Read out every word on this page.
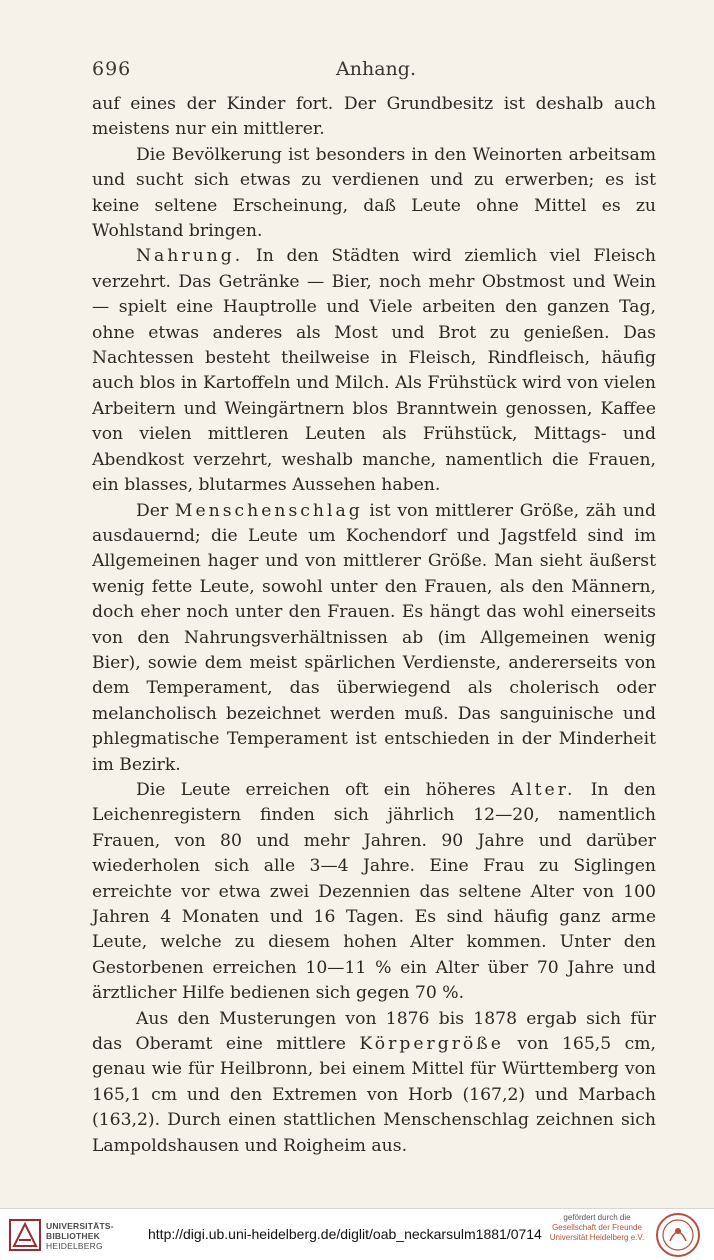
696	Anhang.

auf eines der Kinder fort. Der Grundbesitz ist deshalb auch meistens nur ein mittlerer.

Die Bevölkerung ist besonders in den Weinorten arbeitsam und sucht sich etwas zu verdienen und zu erwerben; es ist keine seltene Erscheinung, daß Leute ohne Mittel es zu Wohlstand bringen.

Nahrung. In den Städten wird ziemlich viel Fleisch verzehrt. Das Getränke — Bier, noch mehr Obstmost und Wein — spielt eine Hauptrolle und Viele arbeiten den ganzen Tag, ohne etwas anderes als Most und Brot zu genießen. Das Nachtessen besteht theilweise in Fleisch, Rindfleisch, häufig auch blos in Kartoffeln und Milch. Als Frühstück wird von vielen Arbeitern und Weingärtnern blos Branntwein genossen, Kaffee von vielen mittleren Leuten als Frühstück, Mittags- und Abendkost verzehrt, weshalb manche, namentlich die Frauen, ein blasses, blutarmes Aussehen haben.

Der Menschenschlag ist von mittlerer Größe, zäh und ausdauernd; die Leute um Kochendorf und Jagstfeld sind im Allgemeinen hager und von mittlerer Größe. Man sieht äußerst wenig fette Leute, sowohl unter den Frauen, als den Männern, doch eher noch unter den Frauen. Es hängt das wohl einerseits von den Nahrungsverhältnissen ab (im Allgemeinen wenig Bier), sowie dem meist spärlichen Verdienste, andererseits von dem Temperament, das überwiegend als cholerisch oder melancholisch bezeichnet werden muß. Das sanguinische und phlegmatische Temperament ist entschieden in der Minderheit im Bezirk.

Die Leute erreichen oft ein höheres Alter. In den Leichenregistern finden sich jährlich 12—20, namentlich Frauen, von 80 und mehr Jahren. 90 Jahre und darüber wiederholen sich alle 3—4 Jahre. Eine Frau zu Siglingen erreichte vor etwa zwei Dezennien das seltene Alter von 100 Jahren 4 Monaten und 16 Tagen. Es sind häufig ganz arme Leute, welche zu diesem hohen Alter kommen. Unter den Gestorbenen erreichen 10—11 % ein Alter über 70 Jahre und ärztlicher Hilfe bedienen sich gegen 70 %.

Aus den Musterungen von 1876 bis 1878 ergab sich für das Oberamt eine mittlere Körpergröße von 165,5 cm, genau wie für Heilbronn, bei einem Mittel für Württemberg von 165,1 cm und den Extremen von Horb (167,2) und Marbach (163,2). Durch einen stattlichen Menschenschlag zeichnen sich Lampoldshausen und Roigheim aus.

UNIVERSITÄTS-
BIBLIOTHEK
HEIDELBERG
http://digi.ub.uni-heidelberg.de/diglit/oab_neckarsulm1881/0714
gefördert durch die
Gesellschaft der Freunde
Universität Heidelberg e.V.
